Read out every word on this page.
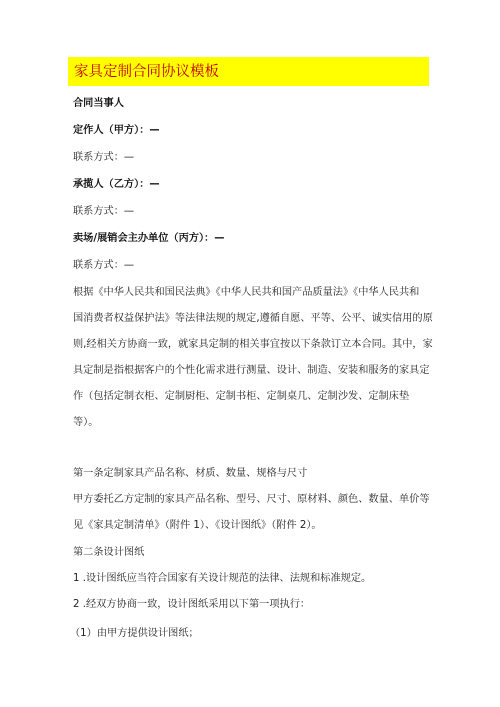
家具定制合同协议模板
合同当事人
定作人（甲方）：—
联系方式：—
承揽人（乙方）：—
联系方式：—
卖场/展销会主办单位（丙方）：—
联系方式：—
根据《中华人民共和国民法典》《中华人民共和国产品质量法》《中华人民共和
国消费者权益保护法》等法律法规的规定,遵循自愿、平等、公平、诚实信用的原
则,经相关方协商一致，就家具定制的相关事宜按以下条款订立本合同。其中，家
具定制是指根据客户的个性化需求进行测量、设计、制造、安装和服务的家具定
作（包括定制衣柜、定制厨柜、定制书柜、定制桌几、定制沙发、定制床垫
等）。
第一条定制家具产品名称、材质、数量、规格与尺寸
甲方委托乙方定制的家具产品名称、型号、尺寸、原材料、颜色、数量、单价等
见《家具定制清单》（附件 1）、《设计图纸》（附件 2）。
第二条设计图纸
1 .设计图纸应当符合国家有关设计规范的法律、法规和标准规定。
2 .经双方协商一致，设计图纸采用以下第一项执行：
（1）由甲方提供设计图纸；
